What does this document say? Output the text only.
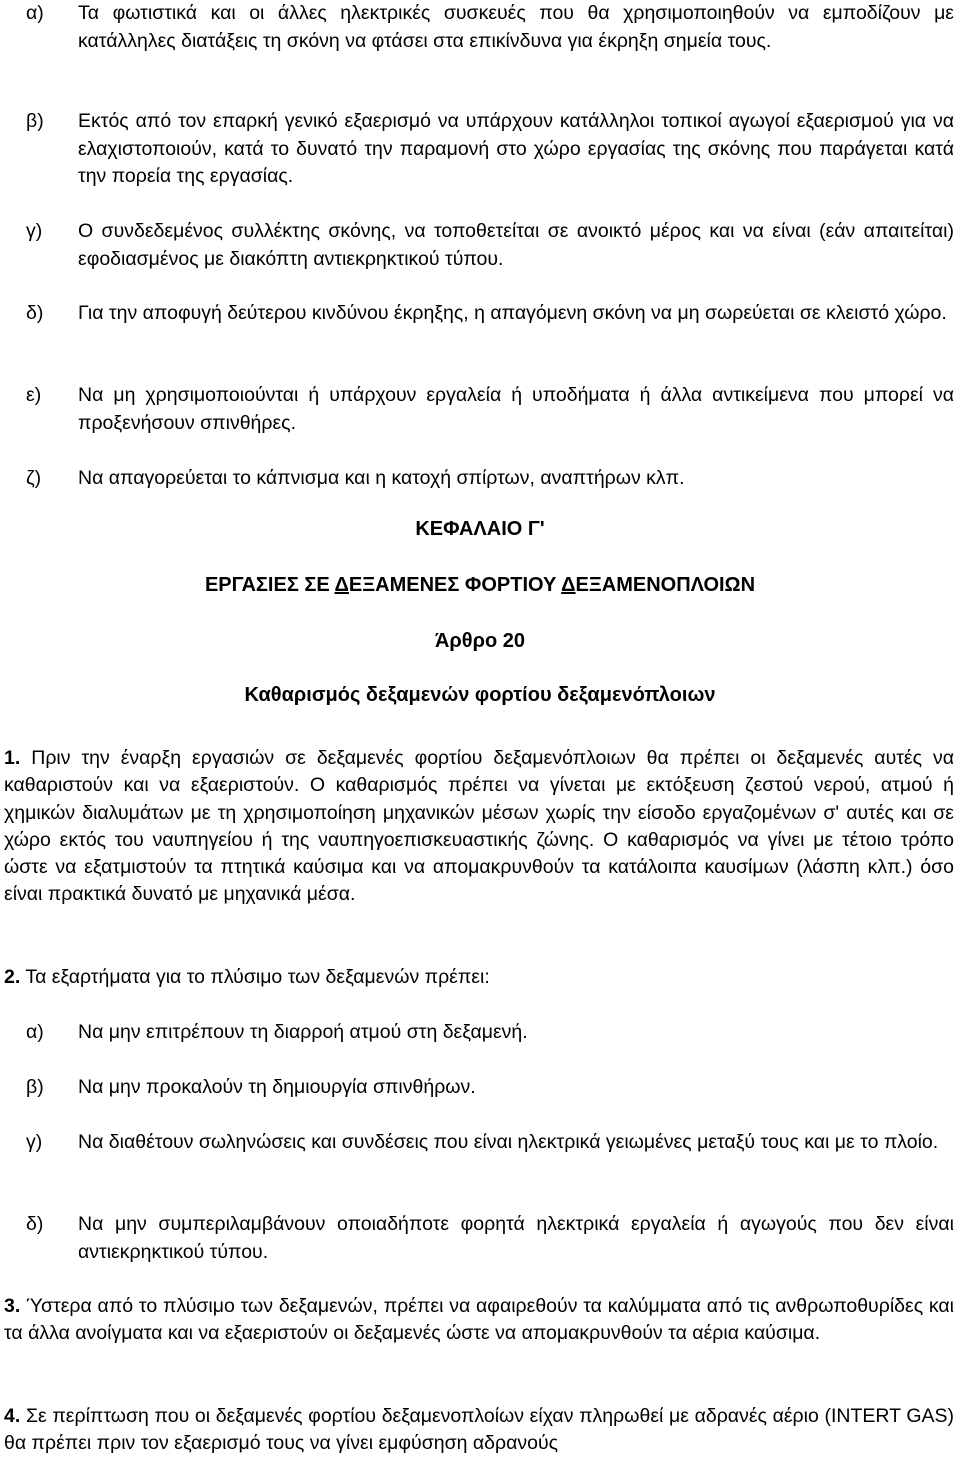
α)	Τα φωτιστικά και οι άλλες ηλεκτρικές συσκευές που θα χρησιμοποιηθούν να εμποδίζουν με κατάλληλες διατάξεις τη σκόνη να φτάσει στα επικίνδυνα για έκρηξη σημεία τους.
β)	Εκτός από τον επαρκή γενικό εξαερισμό να υπάρχουν κατάλληλοι τοπικοί αγωγοί εξαερισμού για να ελαχιστοποιούν, κατά το δυνατό την παραμονή στο χώρο εργασίας της σκόνης που παράγεται κατά την πορεία της εργασίας.
γ)	Ο συνδεδεμένος συλλέκτης σκόνης, να τοποθετείται σε ανοικτό μέρος και να είναι (εάν απαιτείται) εφοδιασμένος με διακόπτη αντιεκρηκτικού τύπου.
δ)	Για την αποφυγή δεύτερου κινδύνου έκρηξης, η απαγόμενη σκόνη να μη σωρεύεται σε κλειστό χώρο.
ε)	Να μη χρησιμοποιούνται ή υπάρχουν εργαλεία ή υποδήματα ή άλλα αντικείμενα που μπορεί να προξενήσουν σπινθήρες.
ζ)	Να απαγορεύεται το κάπνισμα και η κατοχή σπίρτων, αναπτήρων κλπ.
ΚΕΦΑΛΑΙΟ Γ'
ΕΡΓΑΣΙΕΣ ΣΕ ΔΕΞΑΜΕΝΕΣ ΦΟΡΤΙΟΥ ΔΕΞΑΜΕΝΟΠΛΟΙΩΝ
Άρθρο 20
Καθαρισμός δεξαμενών φορτίου δεξαμενόπλοιων
1. Πριν την έναρξη εργασιών σε δεξαμενές φορτίου δεξαμενόπλοιων θα πρέπει οι δεξαμενές αυτές να καθαριστούν και να εξαεριστούν. Ο καθαρισμός πρέπει να γίνεται με εκτόξευση ζεστού νερού, ατμού ή χημικών διαλυμάτων με τη χρησιμοποίηση μηχανικών μέσων χωρίς την είσοδο εργαζομένων σ' αυτές και σε χώρο εκτός του ναυπηγείου ή της ναυπηγοεπισκευαστικής ζώνης. Ο καθαρισμός να γίνει με τέτοιο τρόπο ώστε να εξατμιστούν τα πτητικά καύσιμα και να απομακρυνθούν τα κατάλοιπα καυσίμων (λάσπη κλπ.) όσο είναι πρακτικά δυνατό με μηχανικά μέσα.
2. Τα εξαρτήματα για το πλύσιμο των δεξαμενών πρέπει:
α)	Να μην επιτρέπουν τη διαρροή ατμού στη δεξαμενή.
β)	Να μην προκαλούν τη δημιουργία σπινθήρων.
γ)	Να διαθέτουν σωληνώσεις και συνδέσεις που είναι ηλεκτρικά γειωμένες μεταξύ τους και με το πλοίο.
δ)	Να μην συμπεριλαμβάνουν οποιαδήποτε φορητά ηλεκτρικά εργαλεία ή αγωγούς που δεν είναι αντιεκρηκτικού τύπου.
3. Ύστερα από το πλύσιμο των δεξαμενών, πρέπει να αφαιρεθούν τα καλύμματα από τις ανθρωποθυρίδες και τα άλλα ανοίγματα και να εξαεριστούν οι δεξαμενές ώστε να απομακρυνθούν τα αέρια καύσιμα.
4. Σε περίπτωση που οι δεξαμενές φορτίου δεξαμενοπλοίων είχαν πληρωθεί με αδρανές αέριο (INTERT GAS) θα πρέπει πριν τον εξαερισμό τους να γίνει εμφύσηση αδρανούς
